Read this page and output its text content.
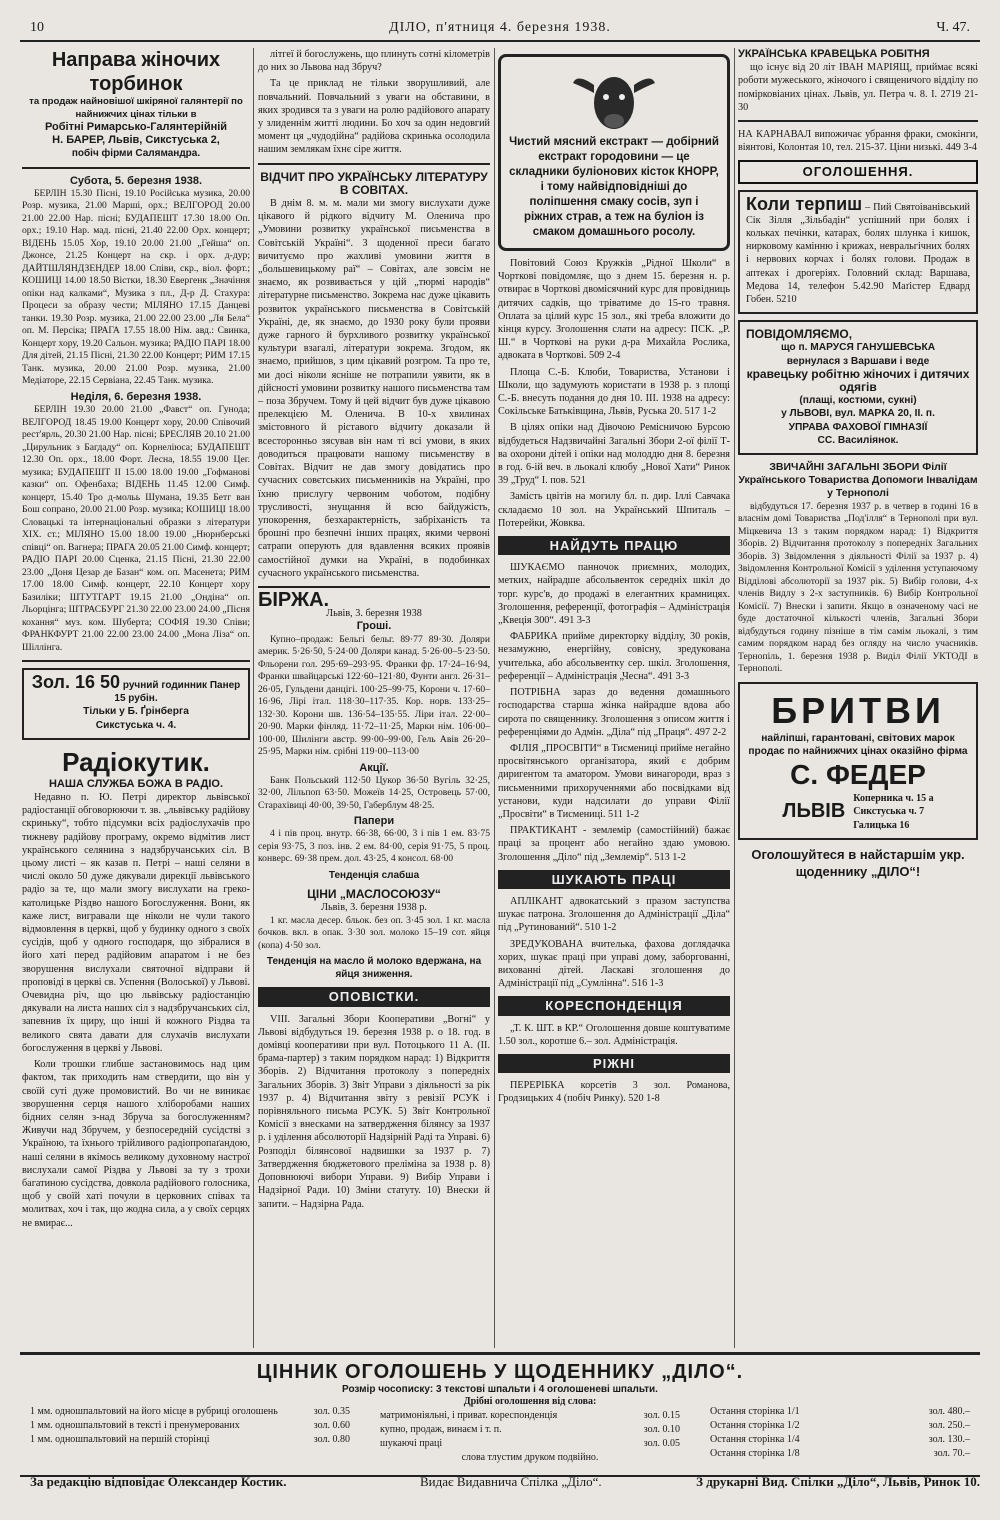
10	ДІЛО, п'ятниця 4. березня 1938.	Ч. 47.
Направа жіночих торбинок
та продаж найновішої шкіряної галянтерії по найнижчих цінах тільки в
Робітні Римарсько-Галянтерійній
Н. БАРЕР, Львів, Сикстуська 2,
побіч фірми Салямандра.
Субота, 5. березня 1938.

БЕРЛІН 15.30 Пісні, 19.10 Російська музика, 20.00 Розр. музика, 21.00 Марші, орх.; ВЕЛГОРОД 20.00 21.00 22.00 Нар. пісні; БУДАПЕШТ 17.30 18.00 Оп. орх.; 19.10 Нар. мад. пісні, 21.40 22.00 Орх. концерт; ВІДЕНЬ 15.05 Хор, 19.10 20.00 21.00 „Гейша“ оп. Джонсе, 21.25 Концерт на скр. і орх. д-дур; ДАЙТШЛЯНДЗЕНДЕР 18.00 Співи, скр., віол. форт.; КОШИЦІ 14.00 18.50 Вістки, 18.30 Евергенк „Значіння опіки над калками“, Музика з пл., Д-р Д. Стахура: Процеси за образу чести; МІЛЯНО 17.15 Данцеві танки. 19.30 Розр. музика, 21.00 22.00 23.00 „Ля Бела“ оп. М. Персіка; ПРАГА 17.55 18.00 Нім. авд.: Свинка, Концерт хору, 19.20 Сальон. музика; РАДІО ПАРІ 18.00 Для дітей, 21.15 Пісні, 21.30 22.00 Концерт; РИМ 17.15 Танк. музика, 20.00 21.00 Розр. музика, 21.00 Медіаторе, 22.15 Сервіана, 22.45 Танк. музика.

Неділя, 6. березня 1938.

БЕРЛІН 19.30 20.00 21.00 „Фавст“ оп. Гунода; ВЕЛГОРОД 18.45 19.00 Концерт хору, 20.00 Співочий рест'ярль, 20.30 21.00 Нар. пісні; БРЕСЛЯВ 20.10 21.00 „Цирульник з Багдаду“ оп. Корнеліюса; БУДАПЕШТ 12.30 Оп. орх., 18.00 Форт. Лесна, 18.55 19.00 Цег. музика; БУДАПЕШТ II 15.00 18.00 19.00 „Гофманові казки“ оп. Офенбаха; ВІДЕНЬ 11.45 12.00 Симф. концерт, 15.40 Тро д-мольь Шумана, 19.35 Бетг ван Бош сопрано, 20.00 21.00 Розр. музика; КОШИЦІ 18.00 Словацькі та інтернаціональні образки з літератури XIX. ст.; МІЛЯНО 15.00 18.00 19.00 „Нюрнберські співці“ оп. Вагнера; ПРАГА 20.05 21.00 Симф. концерт; РАДІО ПАРІ 20.00 Сценка, 21.15 Пісні, 21.30 22.00 23.00 „Доня Цезар де Базан“ ком. оп. Масенета; РИМ 17.00 18.00 Симф. концерт, 22.10 Концерт хору Базиліки; ШТУТГАРТ 19.15 21.00 „Ондіна“ оп. Льорцінга; ШТРАСБУРГ 21.30 22.00 23.00 24.00 „Пісня кохання“ муз. ком. Шуберта; СОФІЯ 19.30 Співи; ФРАНКФУРТ 21.00 22.00 23.00 24.00 „Мона Ліза“ оп. Шіллінга.

Зол. 16 50 ручний годинник Панер 15 рубін.
Тільки у Б. Ґрінберга
Сикстуська ч. 4.
Радіокутик.
НАША СЛУЖБА БОЖА В РАДІО.

Недавно п. Ю. Петрі директор львівської радіостанції обговорюючи т. зв. „львівську радійову скриньку“, тобто підсумки всіх радіослухачів про тижневу радійову програму, окремо відмітив лист українського селянина з надзбручанських сіл. В цьому листі – як казав п. Петрі – наші селяни в числі около 50 дуже дякували дирекції львівського радіо за те, що мали змогу вислухати на греко-католицьке Різдво нашого Богослуження. Вони, як каже лист, вигравали ще ніколи не чули такого відмовлення в церкві, щоб у будинку одного з своїх сусідів, щоб у одного господаря, що зібралися в його хаті перед радійовим апаратом і не без зворушення вислухали святочної відправи й проповіді в церкві св. Успення (Волоської) у Львові. Очевидна річ, що цю львівську радіостанцію дякували на листа наших сіл з надзбручанських сіл, запевнив їх щиру, що інші й кожного Різдва та великого свята давати для слухачів вислухати богослуження в церкві у Львові.

Коли трошки глибше застановимось над цим фактом, так приходить нам ствердити, що він у своїй суті дуже промовистий. Во чи не виникає зворушення серця нашого хліборобами наших бідних селян з-над Збруча за богослуженням? Живучи над Збручем, у безпосередній сусідстві з Україною, та їхнього трійливого радіопропаґандою, наші селяни в якімось великому духовному настрої вислухали самої Різдва у Львові за ту з трохи багатиною сусідства, довкола радійового голосника, щоб у своїй хаті почули в церковних співах та молитвах, хоч і так, що жодна сила, а у своїх серцях не вмирає...

літгеї й богослужень, що плинуть сотні кілометрів до них зо Львова над Збруч?

Та це приклад не тільки зворушливий, але повчальний. Повчальний з уваги на обставини, в яких зродився та з уваги на ролю радійового апарату у злиденнім житті людини. Бо хоч за один недовгий момент ця „чудодійна“ радійова скринька осолодила нашим землякам їхнє сіре життя.

ВІДЧИТ ПРО УКРАЇНСЬКУ ЛІТЕРАТУРУ В СОВІТАХ.

В днім 8. м. м. мали ми змогу вислухати дуже цікавого й рідкого відчиту М. Оленича про „Умовини розвитку української письменства в Совітській Україні“. З щоденної преси багато вичитуємо про жахливі умовини життя в „большевицькому раї“ – Совітах, але зовсім не знаємо, як розвивається у цій „тюрмі народів“ літературне письменство. Зокрема нас дуже цікавить розвиток українського письменства в Совітській Україні, де, як знаємо, до 1930 року були прояви дуже гарного й бурхливого розвитку української культури взагалі, літератури зокрема. Згодом, як знаємо, прийшов, з цим цікавий розгром. Та про те, ми досі ніколи ясніше не потрапили уявити, як в дійсності умовини розвитку нашого письменства там – поза Збручем. Тому й цей відчит був дуже цікавою прелекцією М. Оленича. В 10-х хвилинах змістовного й ріставого відчиту доказали й всесторонньо зясував він нам ті всі умови, в яких доводиться працювати нашому письменству в Совітах. Відчит не дав змогу довідатись про сучасних совєтських письменників на Україні, про їхню прислугу червоним чоботом, подібну трусливості, знущання й всю байдужість, упокорення, безхарактерність, забріханість та брошні про безпечні інших працях, якими червоні сатрапи оперують для вдавлення всяких проявів самостійної думки на Україні, в подобинках сучасного українського письменства.

БІРЖА.
Львів, 3. березня 1938
Гроші.

Купно–продаж: Бельгі бельг. 89·77 89·30. Доляри америк. 5·26·50, 5·24·00 Доляри канад. 5·26·00–5·23·50. Фльорени гол. 295·69–293·95. Франки фр. 17·24–16·94, Франки швайцарські 122·60–121·80, Фунти англ. 26·31–26·05, Гульдени данцігі. 100·25–99·75, Корони ч. 17·60–16·96, Лірі італ. 118·30–117·35. Кор. норв. 133·25–132·30. Корони шв. 136·54–135·55. Ліри італ. 22·00–20·90. Марки фінляд. 11·72–11·25, Марки нім. 106·00–100·00, Шилінги австр. 99·00–99·00, Гель Авів 26·20–25·95, Марки нім. срібні 119·00–113·00

Акції.

Банк Польський 112·50 Цукор 36·50 Вугіль 32·25, 32·00, Лільпоп 63·50. Можеїв 14·25, Островець 57·00, Старахівиці 40·00, 39·50, Габерблум 48·25.

Папери

4 і пів проц. внутр. 66·38, 66·00, 3 і пів 1 ем. 83·75 серія 93·75, 3 поз. інв. 2 ем. 84·00, серія 91·75, 5 проц. конверс. 69·38 прем. дол. 43·25, 4 консол. 68·00

Тенденція слабша
ЦІНИ „МАСЛОСОЮЗУ“
Львів, 3. березня 1938 р.

1 кг. масла десер. бльок. без оп. 3·45 зол. 1 кг. масла бочков. вкл. в опак. 3·30 зол. молоко 15–19 сот. яйця (копа) 4·50 зол.

Тенденція на масло й молоко вдержана, на яйця зниження.
ОПОВІСТКИ.

VIII. Загальні Збори Кооперативи „Вогні“ у Львові відбудуться 19. березня 1938 р. о 18. год. в домівці кооперативи при вул. Потоцького 11 А. (II. брама-партер) з таким порядком нарад: 1) Відкриття Зборів. 2) Відчитання протоколу з попередніх Загальних Зборів. 3) Звіт Управи з діяльності за рік 1937 р. 4) Відчитання звіту з ревізії РСУК і порівняльного письма РСУК. 5) Звіт Контрольної Комісії з внесками на затвердження білянсу за 1937 р. і уділення абсолюторії Надзірній Раді та Управі. 6) Розподіл білянсової надвишки за 1937 р. 7) Затвердження бюджетового преліміна за 1938 р. 8) Доповнюючі вибори Управи. 9) Вибір Управи і Надзірної Ради. 10) Зміни статуту. 10) Внески й запити. – Надзірна Рада.

Чистий мясний екстракт — добірний екстракт городовини — це складники буліонових кісток КНОРР, і тому найвідповідніші до поліпшення смаку сосів, зуп і ріжних страв, а теж на буліон із смаком домашнього росолу.

Повітовий Союз Кружків „Рідної Школи“ в Чорткові повідомляє, що з днем 15. березня н. р. отвирає в Чорткові двомісячний курс для провідниць дитячих садків, що тріватиме до 15-го травня. Оплата за цілий курс 15 зол., які треба вложити до кінця курсу. Зголошення слати на адресу: ПСК. „Р. Ш.“ в Чорткові на руки д-ра Михайла Рослика, адвоката в Чорткові. 509 2-4

Площа С.-Б. Клюби, Товариства, Установи і Школи, що задумують користати в 1938 р. з площі С.-Б. внесуть подання до дня 10. III. 1938 на адресу: Сокільське Батьківщина, Львів, Руська 20. 517 1-2

В цілях опіки над Дівочою Ремісничою Бурсою відбудеться Надзвичайні Загальні Збори 2-ої філії Т-ва охорони дітей і опіки над молоддю дня 8. березня в год. 6-ій веч. в льокалі клюбу „Нової Хати“ Ринок 39 „Труд“ І. пов. 521

Замість цвітів на могилу бл. п. дир. Іллі Савчака складаємо 10 зол. на Український Шпиталь – Потерейки, Жовква.

НАЙДУТЬ ПРАЦЮ

ШУКАЄМО панночок приємних, молодих, метких, найрадше абсольвенток середніх шкіл до торг. курс'в, до продажі в елегантних крамницях. Зголошення, референції, фотографія – Адміністрація „Квеція 300“. 491 3-3

ФАБРИКА прийме директорку відділу, 30 років, незамужню, енергійну, совісну, зредукована учителька, або абсольвентку сер. шкіл. Зголошення, референції – Адміністрація „Чесна“. 491 3-3

ПОТРІБНА зараз до ведення домашнього господарства старша жінка найрадше вдова або сирота по священнику. Зголошення з описом життя і референціями до Адмін. „Діла“ під „Праця“. 497 2-2

ФІЛІЯ „ПРОСВІТИ“ в Тисмениці прийме негайно просвітянського організатора, який є добрим диригентом та аматором. Умови винагороди, враз з письменними прихорученнями або посвідками від установи, куди надсилати до управи Філії „Просвіти“ в Тисмениці. 511 1-2

ПРАКТИКАНТ - землемір (самостійний) бажає праці за процент або негайно здаю умовою. Зголошення „Діло“ під „Землемір“. 513 1-2

ШУКАЮТЬ ПРАЦІ

АПЛІКАНТ адвокатський з празом заступства шукає патрона. Зголошення до Адміністрації „Діла“ під „Рутинований“. 510 1-2

ЗРЕДУКОВАНА вчителька, фахова доглядачка хорих, шукає праці при управі дому, заборгованні, вихованні дітей. Ласкаві зголошення до Адміністрації під „Сумлінна“. 516 1-3

КОРЕСПОНДЕНЦІЯ

„Т. К. ШТ. в КР.“ Оголошення довше коштуватиме 1.50 зол., коротше 6.– зол. Адміністрація.

РІЖНІ

ПЕРЕРІБКА корсетів 3 зол. Романова, Гродзицьких 4 (побіч Ринку). 520 1-8

УКРАЇНСЬКА КРАВЕЦЬКА РОБІТНЯ

що існує від 20 літ ІВАН МАРІЯЩ, приймає всякі роботи мужеського, жіночого і священичого відділу по помірковіаних цінах. Львів, ул. Петра ч. 8. І. 2719 21-30

НА КАРНАВАЛ випожичає убрання фраки, смокінги, віянтові, Колонтая 10, тел. 215-37. Ціни низькі. 449 3-4

ОГОЛОШЕННЯ.
Коли терпиш – Пий Святоіванівський Сік Зілля „Зільбадін“ успішний при болях і кольках печінки, катарах, болях шлунка і кишок, нирковому камінню і крижах, невральгічних болях і нервових корчах і болях голови. Продаж в аптеках і дрогеріях. Головний склад: Варшава, Медова 14, телефон 5.42.90 Маґістер Едвард Гобен. 5210
ПОВІДОМЛЯЄМО,
що п. МАРУСЯ ГАНУШЕВСЬКА
вернулася з Варшави і веде
кравецьку робітню жіночих і дитячих одягів
(плащі, костюми, сукні)
у ЛЬВОВІ, вул. МАРКА 20, ІІ. п.
УПРАВА ФАХОВОЇ ГІМНАЗІЇ
СС. Василіянок.
ЗВИЧАЙНІ ЗАГАЛЬНІ ЗБОРИ Філії Українського Товариства Допомоги Інвалідам у Тернополі

відбудуться 17. березня 1937 р. в четвер в годині 16 в власнім домі Товариства „Под'ілля“ в Тернополі при вул. Міцкевича 13 з таким порядком нарад: 1) Відкриття Зборів. 2) Відчитання протоколу з попередніх Загальних Зборів. 3) Звідомлення з діяльності Філії за 1937 р. 4) Звідомлення Контрольної Комісії з уділення уступаючому Відділові абсолюторії за 1937 рік. 5) Вибір голови, 4-х членів Видлу з 2-х заступників. 6) Вибір Контрольної Комісії. 7) Внески і запити. Якщо в означеному часі не буде достаточної кількості членів, Загальні Збори відбудуться годину пізніше в тім самім льокалі, з тим самим порядком нарад без огляду на число учасників. Тернопіль, 1. березня 1938 р. Виділ Філії УКТОДІ в Тернополі.

БРИТВИ
найліпші, гарантовані, світових марок продає по найнижчих цінах оказійно фірма
С. ФЕДЕР
ЛЬВІВ
Коперника ч. 15 а
Сикстуська ч. 7
Галицька 16
Оголошуйтеся в найстаршім укр. щоденнику „ДІЛО“!
ЦІННИК ОГОЛОШЕНЬ У ЩОДЕННИКУ „ДІЛО“.
Розмір чосописку: 3 текстові шпальти і 4 оголошеневі шпальти.
1 мм. одношпальтовий на його місце в рубриці оголошень	зол. 0.35
1 мм. одношпальтовий в тексті і пренумерованих	зол. 0.60
1 мм. одношпальтовий на першій сторінці	зол. 0.80
Дрібні оголошення від слова:
матримоніяльні, і приват. кореспонденція	зол. 0.15
купно, продаж, винаєм і т. п.	зол. 0.10
шукаючі праці	зол. 0.05
слова тлустим друком подвійно.
Остання сторінка 1/1	зол. 480.–
Остання сторінка 1/2	зол. 250.–
Остання сторінка 1/4	зол. 130.–
Остання сторінка 1/8	зол. 70.–
За редакцію відповідає Олександер Костик.	Видає Видавнича Спілка „Діло“.	З друкарні Вид. Спілки „Діло“, Львів, Ринок 10.
